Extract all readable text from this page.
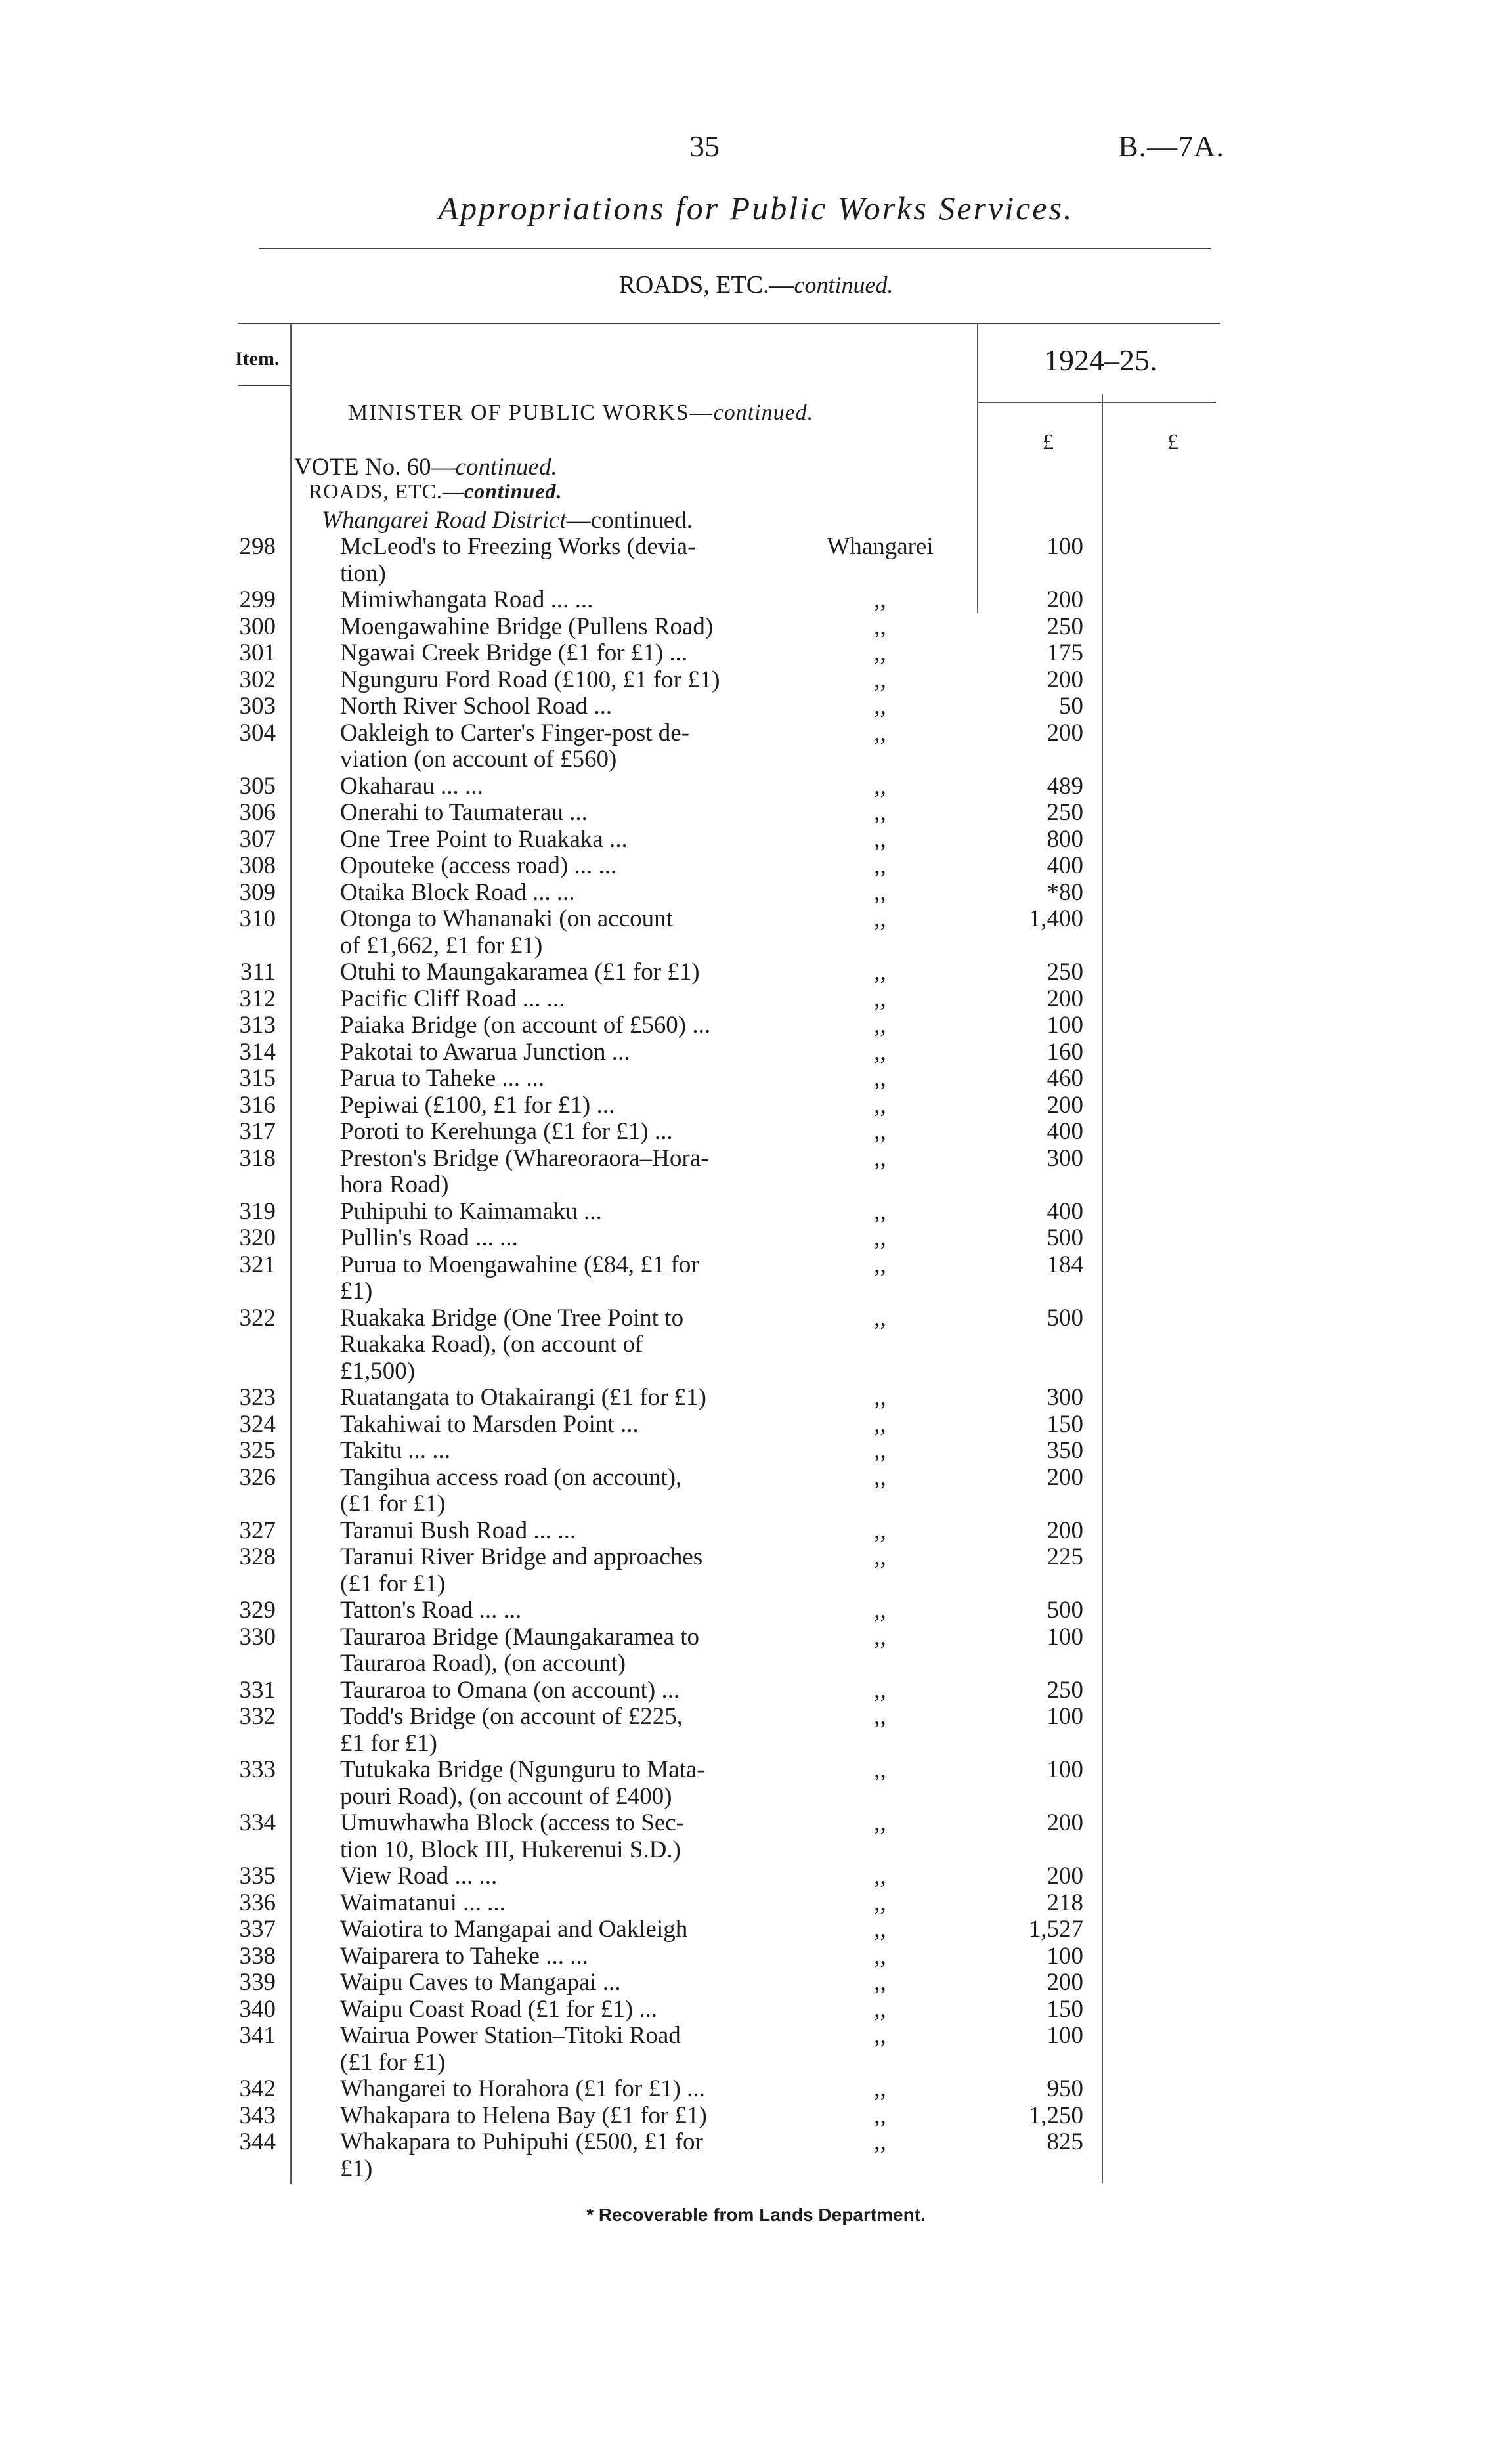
35	B.—7A.
Appropriations for Public Works Services.
ROADS, ETC.—continued.
Item.	1924–25.
£	£
MINISTER OF PUBLIC WORKS—continued.
VOTE No. 60—continued.
ROADS, ETC.—continued.
Whangarei Road District—continued.
298	McLeod's to Freezing Works (devia-	Whangarei	100
tion)
299	Mimiwhangata Road ... ...	,,	200
300	Moengawahine Bridge (Pullens Road)	,,	250
301	Ngawai Creek Bridge (£1 for £1) ...	,,	175
302	Ngunguru Ford Road (£100, £1 for £1)	,,	200
303	North River School Road ...	,,	50
304	Oakleigh to Carter's Finger-post de-	,,	200
viation (on account of £560)
305	Okaharau ... ...	,,	489
306	Onerahi to Taumaterau ...	,,	250
307	One Tree Point to Ruakaka ...	,,	800
308	Opouteke (access road) ... ...	,,	400
309	Otaika Block Road ... ...	,,	*80
310	Otonga to Whananaki (on account	,,	1,400
of £1,662, £1 for £1)
311	Otuhi to Maungakaramea (£1 for £1)	,,	250
312	Pacific Cliff Road ... ...	,,	200
313	Paiaka Bridge (on account of £560) ...	,,	100
314	Pakotai to Awarua Junction ...	,,	160
315	Parua to Taheke ... ...	,,	460
316	Pepiwai (£100, £1 for £1) ...	,,	200
317	Poroti to Kerehunga (£1 for £1) ...	,,	400
318	Preston's Bridge (Whareoraora–Hora-	,,	300
hora Road)
319	Puhipuhi to Kaimamaku ...	,,	400
320	Pullin's Road ... ...	,,	500
321	Purua to Moengawahine (£84, £1 for	,,	184
£1)
322	Ruakaka Bridge (One Tree Point to	,,	500
Ruakaka Road), (on account of
£1,500)
323	Ruatangata to Otakairangi (£1 for £1)	,,	300
324	Takahiwai to Marsden Point ...	,,	150
325	Takitu ... ...	,,	350
326	Tangihua access road (on account),	,,	200
(£1 for £1)
327	Taranui Bush Road ... ...	,,	200
328	Taranui River Bridge and approaches	,,	225
(£1 for £1)
329	Tatton's Road ... ...	,,	500
330	Tauraroa Bridge (Maungakaramea to	,,	100
Tauraroa Road), (on account)
331	Tauraroa to Omana (on account) ...	,,	250
332	Todd's Bridge (on account of £225,	,,	100
£1 for £1)
333	Tutukaka Bridge (Ngunguru to Mata-	,,	100
pouri Road), (on account of £400)
334	Umuwhawha Block (access to Sec-	,,	200
tion 10, Block III, Hukerenui S.D.)
335	View Road ... ...	,,	200
336	Waimatanui ... ...	,,	218
337	Waiotira to Mangapai and Oakleigh	,,	1,527
338	Waiparera to Taheke ... ...	,,	100
339	Waipu Caves to Mangapai ...	,,	200
340	Waipu Coast Road (£1 for £1) ...	,,	150
341	Wairua Power Station–Titoki Road	,,	100
(£1 for £1)
342	Whangarei to Horahora (£1 for £1) ...	,,	950
343	Whakapara to Helena Bay (£1 for £1)	,,	1,250
344	Whakapara to Puhipuhi (£500, £1 for	,,	825
£1)
* Recoverable from Lands Department.
